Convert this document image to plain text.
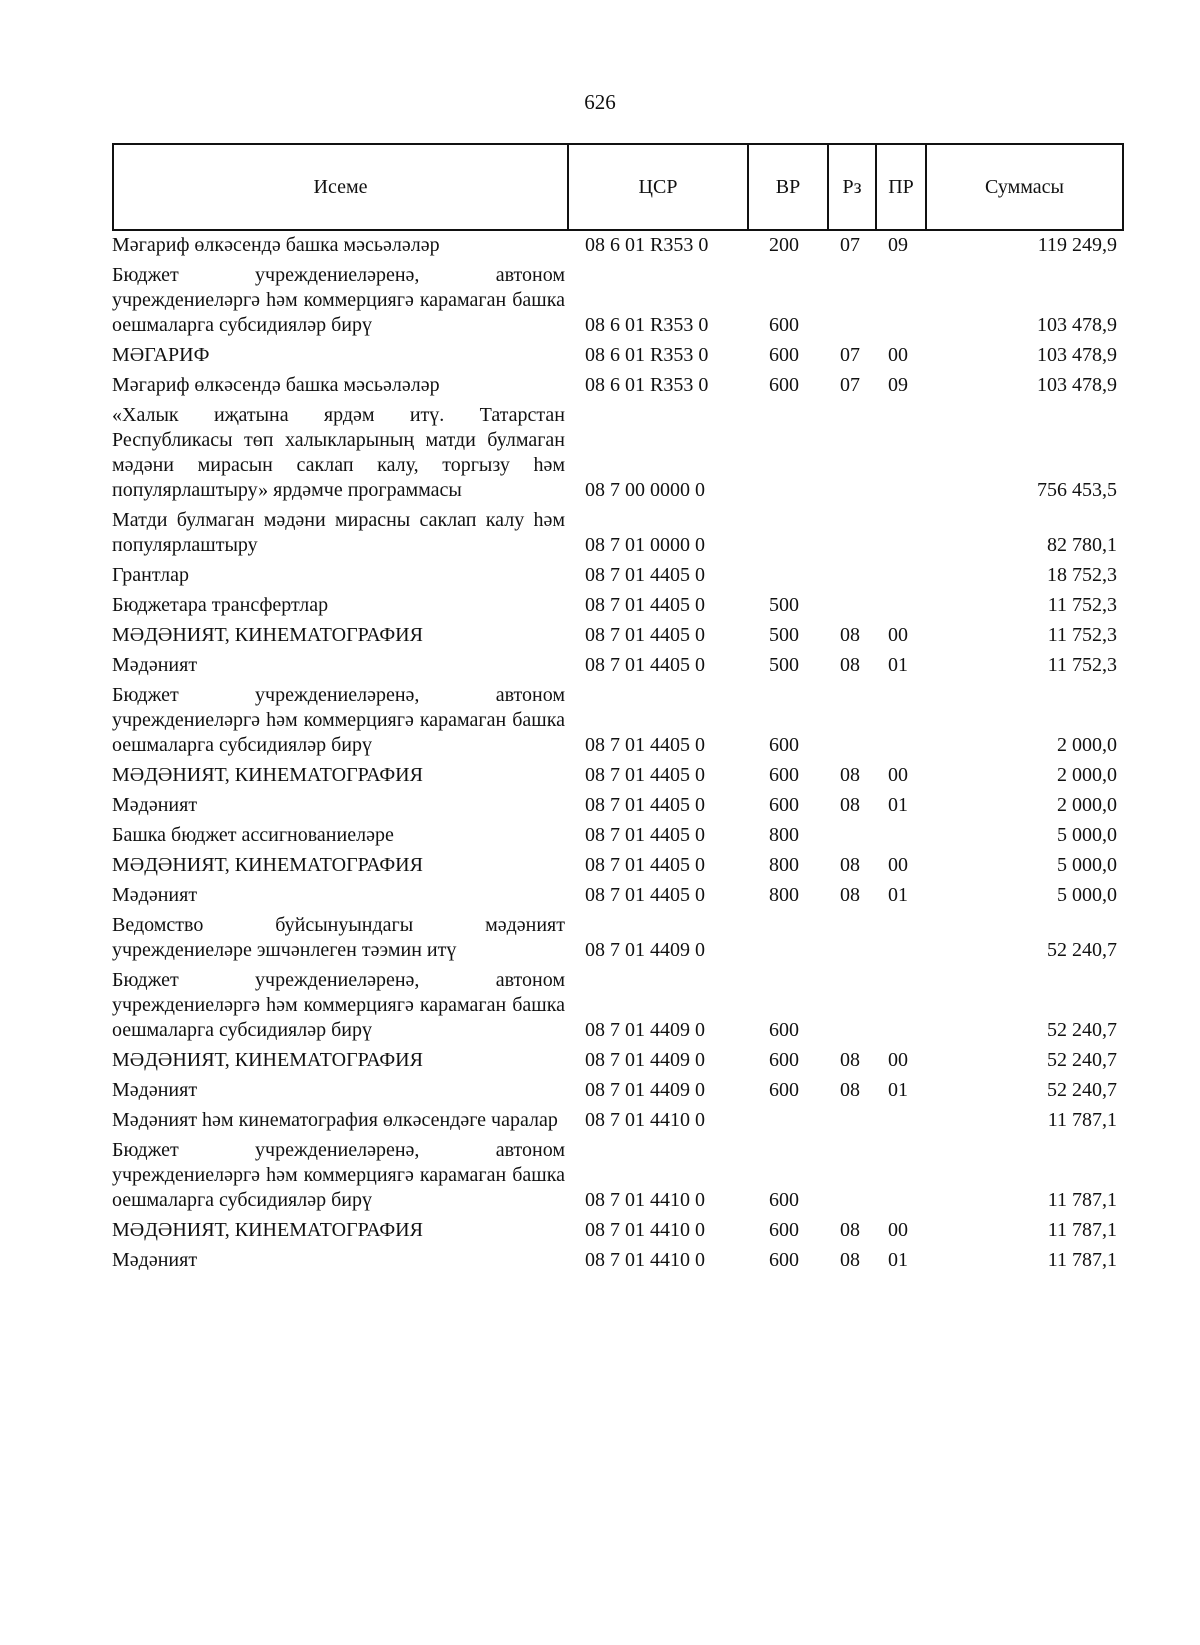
626
Исеме	ЦСР	ВР	Рз	ПР	Суммасы
Мәгариф өлкәсендә башка мәсьәләләр	08 6 01 R353 0	200	07	09	119 249,9
Бюджет учреждениеләренә, автоном учреждениеләргә һәм коммерциягә карамаган башка оешмаларга субсидияләр бирү	08 6 01 R353 0	600			103 478,9
МӘГАРИФ	08 6 01 R353 0	600	07	00	103 478,9
Мәгариф өлкәсендә башка мәсьәләләр	08 6 01 R353 0	600	07	09	103 478,9
«Халык иҗатына ярдәм итү. Татарстан Республикасы төп халыкларының матди булмаган мәдәни мирасын саклап калу, торгызу һәм популярлаштыру» ярдәмче программасы	08 7 00 0000 0				756 453,5
Матди булмаган мәдәни мирасны саклап калу һәм популярлаштыру	08 7 01 0000 0				82 780,1
Грантлар	08 7 01 4405 0				18 752,3
Бюджетара трансфертлар	08 7 01 4405 0	500			11 752,3
МӘДӘНИЯТ, КИНЕМАТОГРАФИЯ	08 7 01 4405 0	500	08	00	11 752,3
Мәдәният	08 7 01 4405 0	500	08	01	11 752,3
Бюджет учреждениеләренә, автоном учреждениеләргә һәм коммерциягә карамаган башка оешмаларга субсидияләр бирү	08 7 01 4405 0	600			2 000,0
МӘДӘНИЯТ, КИНЕМАТОГРАФИЯ	08 7 01 4405 0	600	08	00	2 000,0
Мәдәният	08 7 01 4405 0	600	08	01	2 000,0
Башка бюджет ассигнованиеләре	08 7 01 4405 0	800			5 000,0
МӘДӘНИЯТ, КИНЕМАТОГРАФИЯ	08 7 01 4405 0	800	08	00	5 000,0
Мәдәният	08 7 01 4405 0	800	08	01	5 000,0
Ведомство буйсынуындагы мәдәният учреждениеләре эшчәнлеген тәэмин итү	08 7 01 4409 0				52 240,7
Бюджет учреждениеләренә, автоном учреждениеләргә һәм коммерциягә карамаган башка оешмаларга субсидияләр бирү	08 7 01 4409 0	600			52 240,7
МӘДӘНИЯТ, КИНЕМАТОГРАФИЯ	08 7 01 4409 0	600	08	00	52 240,7
Мәдәният	08 7 01 4409 0	600	08	01	52 240,7
Мәдәният һәм кинематография өлкәсендәге чаралар	08 7 01 4410 0				11 787,1
Бюджет учреждениеләренә, автоном учреждениеләргә һәм коммерциягә карамаган башка оешмаларга субсидияләр бирү	08 7 01 4410 0	600			11 787,1
МӘДӘНИЯТ, КИНЕМАТОГРАФИЯ	08 7 01 4410 0	600	08	00	11 787,1
Мәдәният	08 7 01 4410 0	600	08	01	11 787,1
